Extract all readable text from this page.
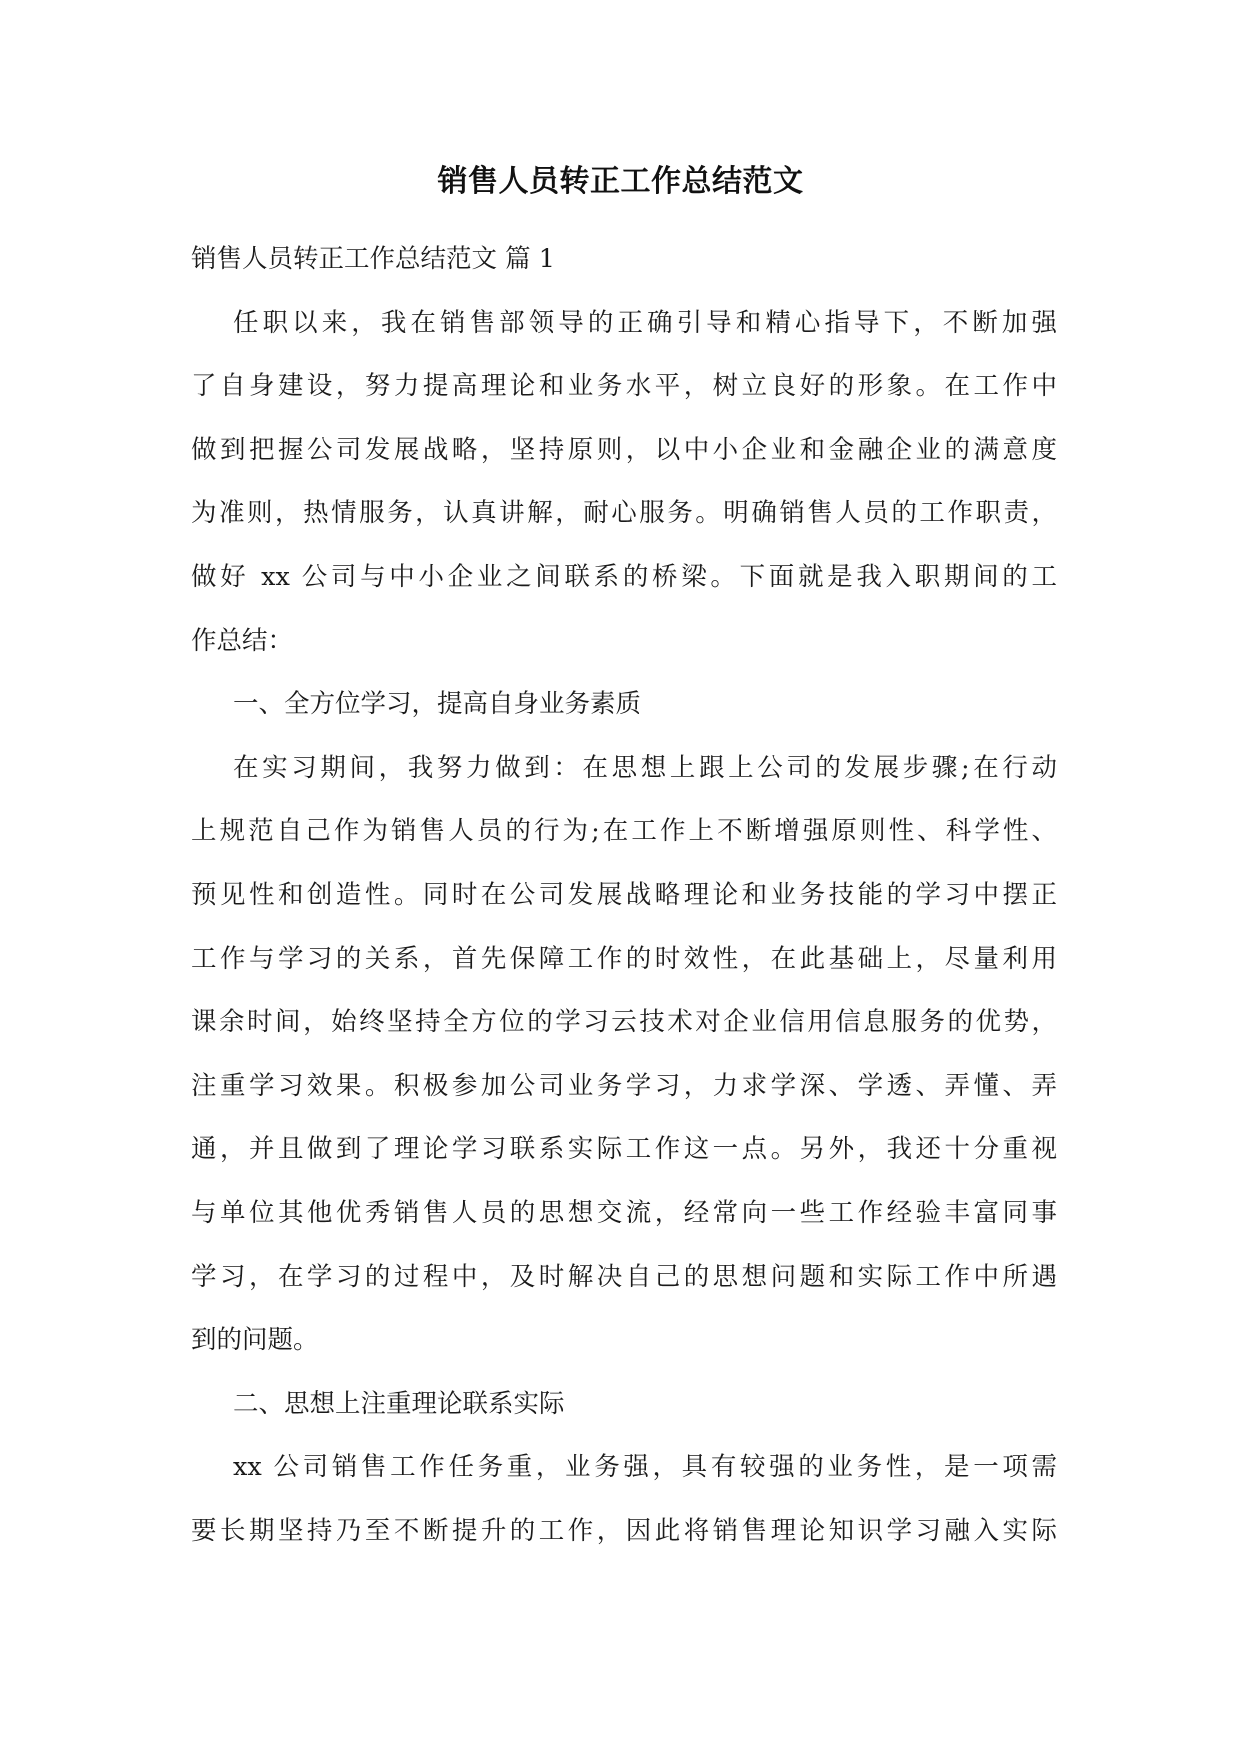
销售人员转正工作总结范文
销售人员转正工作总结范文 篇 1
任职以来，我在销售部领导的正确引导和精心指导下，不断加强
了自身建设，努力提高理论和业务水平，树立良好的形象。在工作中
做到把握公司发展战略，坚持原则，以中小企业和金融企业的满意度
为准则，热情服务，认真讲解，耐心服务。明确销售人员的工作职责，
做好 xx 公司与中小企业之间联系的桥梁。下面就是我入职期间的工
作总结：
一、全方位学习，提高自身业务素质
在实习期间，我努力做到：在思想上跟上公司的发展步骤;在行动
上规范自己作为销售人员的行为;在工作上不断增强原则性、科学性、
预见性和创造性。同时在公司发展战略理论和业务技能的学习中摆正
工作与学习的关系，首先保障工作的时效性，在此基础上，尽量利用
课余时间，始终坚持全方位的学习云技术对企业信用信息服务的优势，
注重学习效果。积极参加公司业务学习，力求学深、学透、弄懂、弄
通，并且做到了理论学习联系实际工作这一点。另外，我还十分重视
与单位其他优秀销售人员的思想交流，经常向一些工作经验丰富同事
学习，在学习的过程中，及时解决自己的思想问题和实际工作中所遇
到的问题。
二、思想上注重理论联系实际
xx 公司销售工作任务重，业务强，具有较强的业务性，是一项需
要长期坚持乃至不断提升的工作，因此将销售理论知识学习融入实际
